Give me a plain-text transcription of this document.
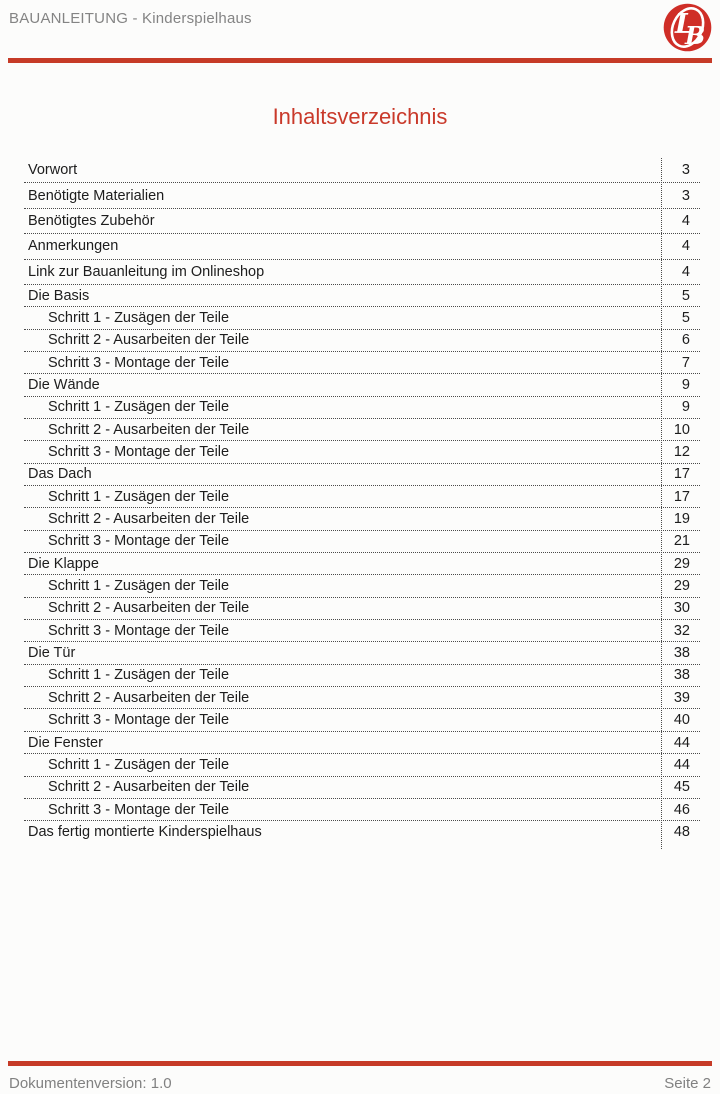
BAUANLEITUNG - Kinderspielhaus	L
B
Inhaltsverzeichnis
Vorwort	3
Benötigte Materialien	3
Benötigtes Zubehör	4
Anmerkungen	4
Link zur Bauanleitung im Onlineshop	4
Die Basis	5
Schritt 1 - Zusägen der Teile	5
Schritt 2 - Ausarbeiten der Teile	6
Schritt 3 - Montage der Teile	7
Die Wände	9
Schritt 1 - Zusägen der Teile	9
Schritt 2 - Ausarbeiten der Teile	10
Schritt 3 - Montage der Teile	12
Das Dach	17
Schritt 1 - Zusägen der Teile	17
Schritt 2 - Ausarbeiten der Teile	19
Schritt 3 - Montage der Teile	21
Die Klappe	29
Schritt 1 - Zusägen der Teile	29
Schritt 2 - Ausarbeiten der Teile	30
Schritt 3 - Montage der Teile	32
Die Tür	38
Schritt 1 - Zusägen der Teile	38
Schritt 2 - Ausarbeiten der Teile	39
Schritt 3 - Montage der Teile	40
Die Fenster	44
Schritt 1 - Zusägen der Teile	44
Schritt 2 - Ausarbeiten der Teile	45
Schritt 3 - Montage der Teile	46
Das fertig montierte Kinderspielhaus	48
Dokumentenversion: 1.0	Seite 2
